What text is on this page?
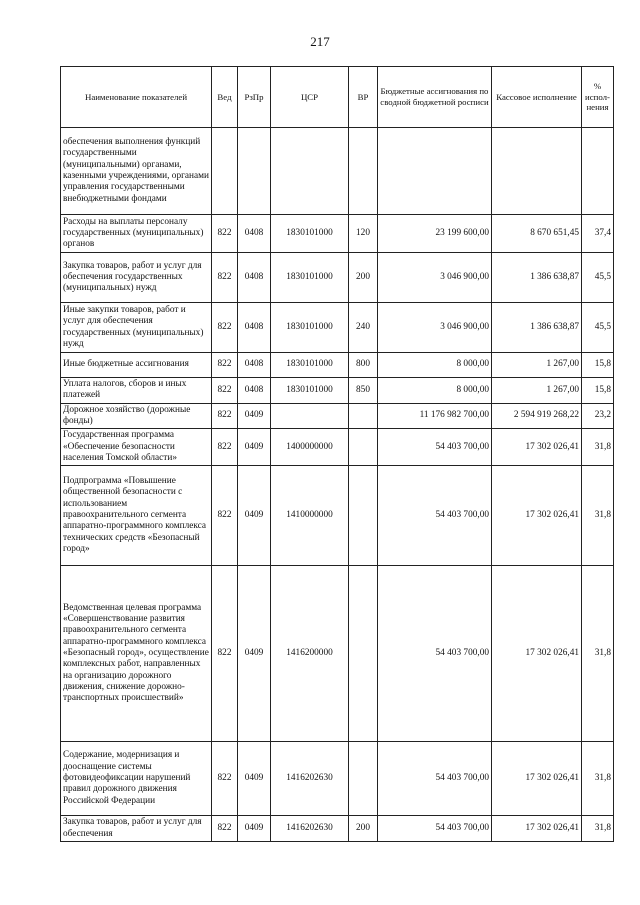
217
Наименование показателей	Вед	РзПр	ЦСР	ВР	Бюджетные ассигнования по сводной бюджетной росписи	Кассовое исполнение	% испол-нения
обеспечения выполнения функций государственными (муниципальными) органами, казенными учреждениями, органами управления государственными внебюджетными фондами							
Расходы на выплаты персоналу государственных (муниципальных) органов	822	0408	1830101000	120	23 199 600,00	8 670 651,45	37,4
Закупка товаров, работ и услуг для обеспечения государственных (муниципальных) нужд	822	0408	1830101000	200	3 046 900,00	1 386 638,87	45,5
Иные закупки товаров, работ и услуг для обеспечения государственных (муниципальных) нужд	822	0408	1830101000	240	3 046 900,00	1 386 638,87	45,5
Иные бюджетные ассигнования	822	0408	1830101000	800	8 000,00	1 267,00	15,8
Уплата налогов, сборов и иных платежей	822	0408	1830101000	850	8 000,00	1 267,00	15,8
Дорожное хозяйство (дорожные фонды)	822	0409			11 176 982 700,00	2 594 919 268,22	23,2
Государственная программа «Обеспечение безопасности населения Томской области»	822	0409	1400000000		54 403 700,00	17 302 026,41	31,8
Подпрограмма «Повышение общественной безопасности с использованием правоохранительного сегмента аппаратно-программного комплекса технических средств «Безопасный город»	822	0409	1410000000		54 403 700,00	17 302 026,41	31,8
Ведомственная целевая программа «Совершенствование развития правоохранительного сегмента аппаратно-программного комплекса «Безопасный город», осуществление комплексных работ, направленных на организацию дорожного движения, снижение дорожно-транспортных происшествий»	822	0409	1416200000		54 403 700,00	17 302 026,41	31,8
Содержание, модернизация и дооснащение системы фотовидеофиксации нарушений правил дорожного движения Российской Федерации	822	0409	1416202630		54 403 700,00	17 302 026,41	31,8
Закупка товаров, работ и услуг для обеспечения	822	0409	1416202630	200	54 403 700,00	17 302 026,41	31,8
